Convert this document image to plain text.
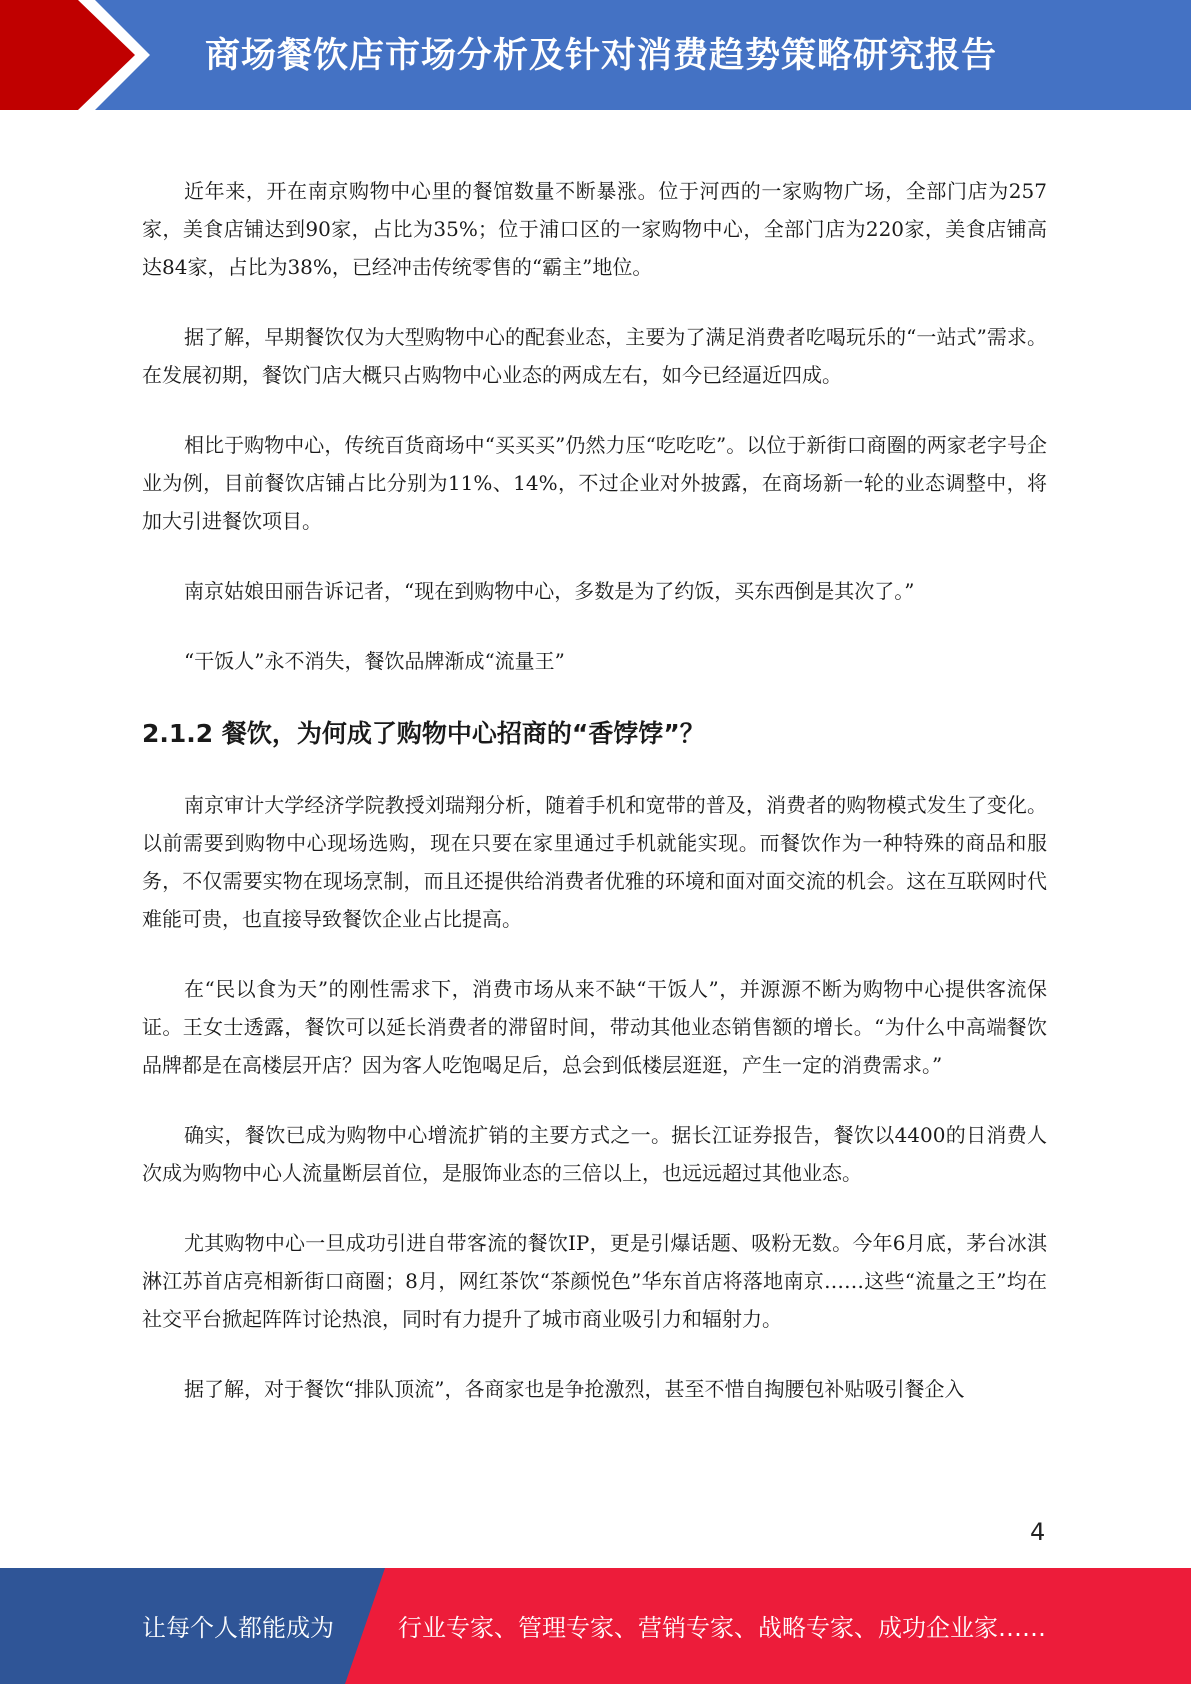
商场餐饮店市场分析及针对消费趋势策略研究报告

近年来，开在南京购物中心里的餐馆数量不断暴涨。位于河西的一家购物广场，全部门店为257家，美食店铺达到90家，占比为35%；位于浦口区的一家购物中心，全部门店为220家，美食店铺高达84家，占比为38%，已经冲击传统零售的“霸主”地位。

据了解，早期餐饮仅为大型购物中心的配套业态，主要为了满足消费者吃喝玩乐的“一站式”需求。在发展初期，餐饮门店大概只占购物中心业态的两成左右，如今已经逼近四成。

相比于购物中心，传统百货商场中“买买买”仍然力压“吃吃吃”。以位于新街口商圈的两家老字号企业为例，目前餐饮店铺占比分别为11%、14%，不过企业对外披露，在商场新一轮的业态调整中，将加大引进餐饮项目。

南京姑娘田丽告诉记者，“现在到购物中心，多数是为了约饭，买东西倒是其次了。”

“干饭人”永不消失，餐饮品牌渐成“流量王”

2.1.2 餐饮，为何成了购物中心招商的“香饽饽”？

南京审计大学经济学院教授刘瑞翔分析，随着手机和宽带的普及，消费者的购物模式发生了变化。以前需要到购物中心现场选购，现在只要在家里通过手机就能实现。而餐饮作为一种特殊的商品和服务，不仅需要实物在现场烹制，而且还提供给消费者优雅的环境和面对面交流的机会。这在互联网时代难能可贵，也直接导致餐饮企业占比提高。

在“民以食为天”的刚性需求下，消费市场从来不缺“干饭人”，并源源不断为购物中心提供客流保证。王女士透露，餐饮可以延长消费者的滞留时间，带动其他业态销售额的增长。“为什么中高端餐饮品牌都是在高楼层开店？因为客人吃饱喝足后，总会到低楼层逛逛，产生一定的消费需求。”

确实，餐饮已成为购物中心增流扩销的主要方式之一。据长江证券报告，餐饮以4400的日消费人次成为购物中心人流量断层首位，是服饰业态的三倍以上，也远远超过其他业态。

尤其购物中心一旦成功引进自带客流的餐饮IP，更是引爆话题、吸粉无数。今年6月底，茅台冰淇淋江苏首店亮相新街口商圈；8月，网红茶饮“茶颜悦色”华东首店将落地南京……这些“流量之王”均在社交平台掀起阵阵讨论热浪，同时有力提升了城市商业吸引力和辐射力。

据了解，对于餐饮“排队顶流”，各商家也是争抢激烈，甚至不惜自掏腰包补贴吸引餐企入

4
让每个人都能成为	行业专家、管理专家、营销专家、战略专家、成功企业家……
